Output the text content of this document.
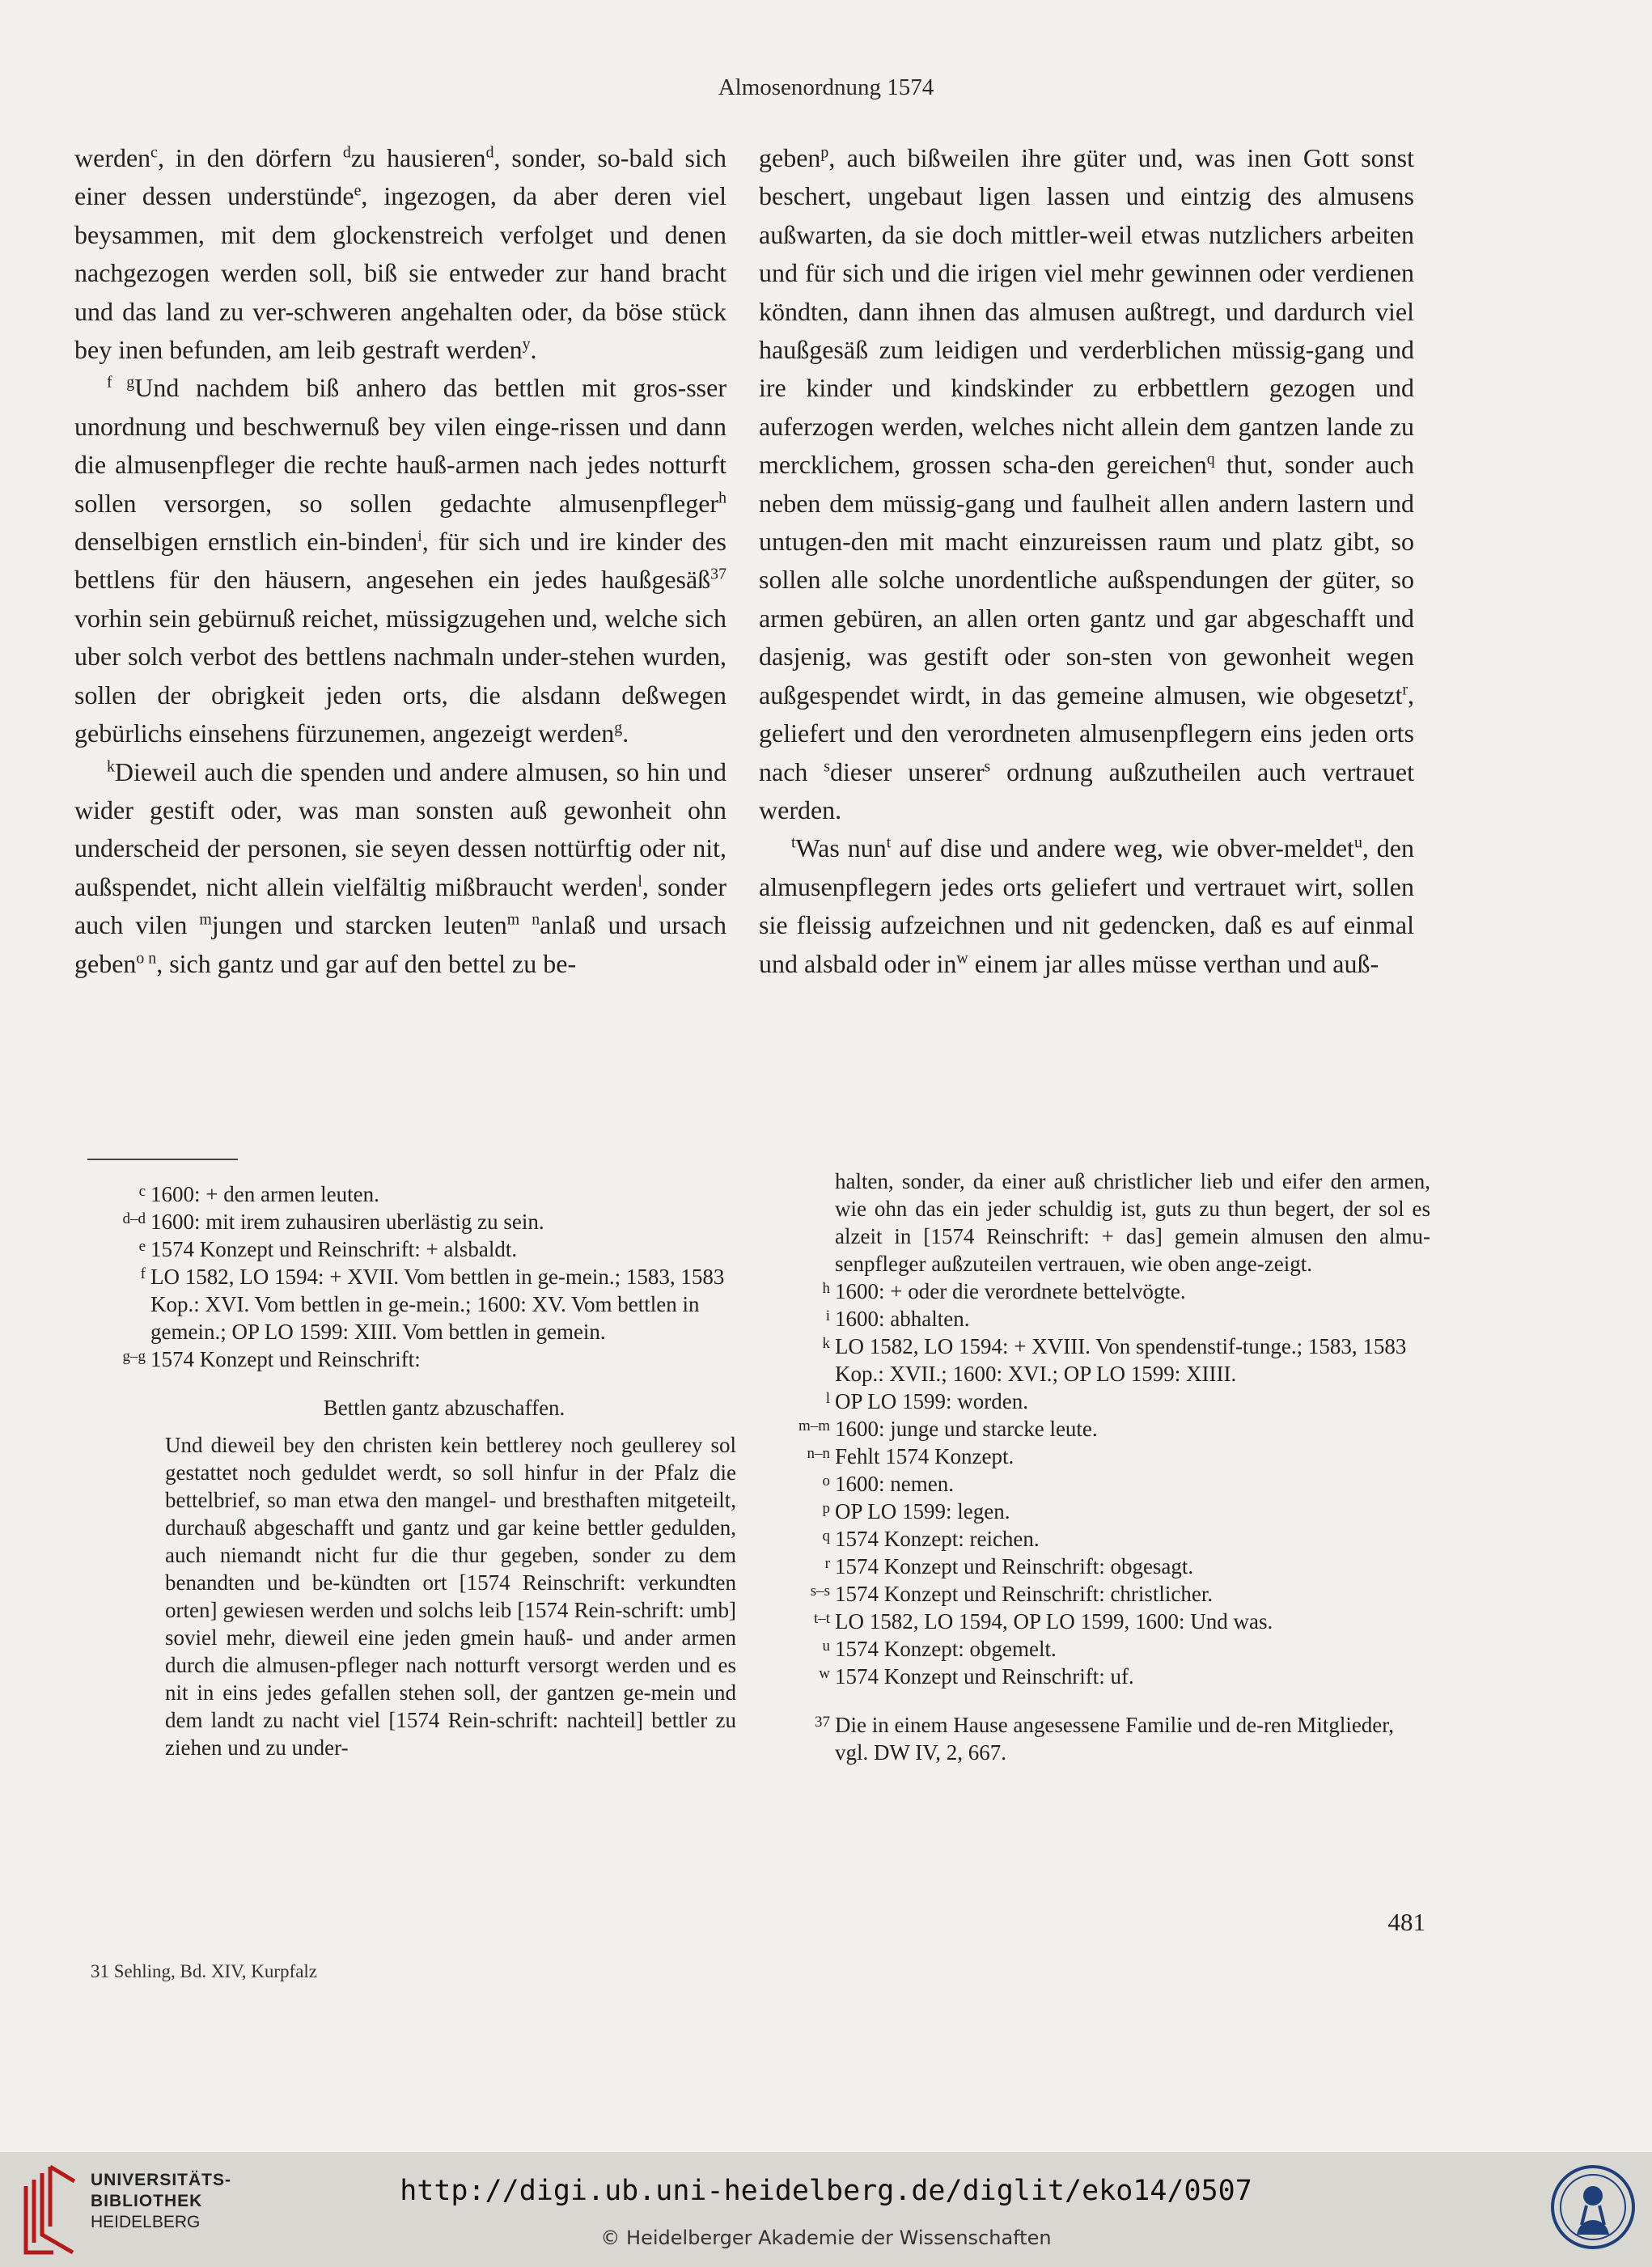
Almosenordnung 1574

werden$^c$, in den dörfern $^d$zu hausieren$^d$, sonder, so-bald sich einer dessen understünde$^e$, ingezogen, da aber deren viel beysammen, mit dem glockenstreich verfolget und denen nachgezogen werden soll, biß sie entweder zur hand bracht und das land zu ver-schweren angehalten oder, da böse stück bey inen befunden, am leib gestraft werden$^y$.

$^{f g}$Und nachdem biß anhero das bettlen mit gros-sser unordnung und beschwernuß bey vilen einge-rissen und dann die almusenpfleger die rechte hauß-armen nach jedes notturft sollen versorgen, so sollen gedachte almusenpfleger$^h$ denselbigen ernstlich ein-binden$^i$, für sich und ire kinder des bettlens für den häusern, angesehen ein jedes haußgesäß$^{37}$ vorhin sein gebürnuß reichet, müssigzugehen und, welche sich uber solch verbot des bettlens nachmaln under-stehen wurden, sollen der obrigkeit jeden orts, die alsdann deßwegen gebürlichs einsehens fürzunemen, angezeigt werden$^g$.

$^k$Dieweil auch die spenden und andere almusen, so hin und wider gestift oder, was man sonsten auß gewonheit ohn underscheid der personen, sie seyen dessen nottürftig oder nit, außspendet, nicht allein vielfältig mißbraucht werden$^l$, sonder auch vilen $^m$jungen und starcken leuten$^m$ $^n$anlaß und ursach geben$^{o n}$, sich gantz und gar auf den bettel zu be-

geben$^p$, auch bißweilen ihre güter und, was inen Gott sonst beschert, ungebaut ligen lassen und eintzig des almusens außwarten, da sie doch mittler-weil etwas nutzlichers arbeiten und für sich und die irigen viel mehr gewinnen oder verdienen köndten, dann ihnen das almusen außtregt, und dardurch viel haußgesäß zum leidigen und verderblichen müssig-gang und ire kinder und kindskinder zu erbbettlern gezogen und auferzogen werden, welches nicht allein dem gantzen lande zu mercklichem, grossen scha-den gereichen$^q$ thut, sonder auch neben dem müssig-gang und faulheit allen andern lastern und untugen-den mit macht einzureissen raum und platz gibt, so sollen alle solche unordentliche außspendungen der güter, so armen gebüren, an allen orten gantz und gar abgeschafft und dasjenig, was gestift oder son-sten von gewonheit wegen außgespendet wirdt, in das gemeine almusen, wie obgesetzt$^r$, geliefert und den verordneten almusenpflegern eins jeden orts nach $^s$dieser unserer$^s$ ordnung außzutheilen auch vertrauet werden.

$^t$Was nun$^t$ auf dise und andere weg, wie obver-meldet$^u$, den almusenpflegern jedes orts geliefert und vertrauet wirt, sollen sie fleissig aufzeichnen und nit gedencken, daß es auf einmal und alsbald oder $in^w$ einem jar alles müsse verthan und auß-

c 1600: + den armen leuten.
d–d 1600: mit irem zuhausiren uberlästig zu sein.
e 1574 Konzept und Reinschrift: + alsbaldt.
f LO 1582, LO 1594: + XVII. Vom bettlen in ge-mein.; 1583, 1583 Kop.: XVI. Vom bettlen in ge-mein.; 1600: XV. Vom bettlen in gemein.; OP LO 1599: XIII. Vom bettlen in gemein.
g–g 1574 Konzept und Reinschrift:
Bettlen gantz abzuschaffen.
Und dieweil bey den christen kein bettlerey noch geullerey sol gestattet noch geduldet werdt, so soll hinfur in der Pfalz die bettelbrief, so man etwa den mangel- und bresthaften mitgeteilt, durchauß abgeschafft und gantz und gar keine bettler gedulden, auch niemandt nicht fur die thur gegeben, sonder zu dem benandten und be-kündten ort [1574 Reinschrift: verkundten orten] gewiesen werden und solchs leib [1574 Rein-schrift: umb] soviel mehr, dieweil eine jeden gmein hauß- und ander armen durch die almusen-pfleger nach notturft versorgt werden und es nit in eins jedes gefallen stehen soll, der gantzen ge-mein und dem landt zu nacht viel [1574 Rein-schrift: nachteil] bettler zu ziehen und zu under-
halten, sonder, da einer auß christlicher lieb und eifer den armen, wie ohn das ein jeder schuldig ist, guts zu thun begert, der sol es alzeit in [1574 Reinschrift: + das] gemein almusen den almu-senpfleger außzuteilen vertrauen, wie oben ange-zeigt.
h 1600: + oder die verordnete bettelvögte.
i 1600: abhalten.
k LO 1582, LO 1594: + XVIII. Von spendenstif-tunge.; 1583, 1583 Kop.: XVII.; 1600: XVI.; OP LO 1599: XIIII.
l OP LO 1599: worden.
m–m 1600: junge und starcke leute.
n–n Fehlt 1574 Konzept.
o 1600: nemen.
p OP LO 1599: legen.
q 1574 Konzept: reichen.
r 1574 Konzept und Reinschrift: obgesagt.
s–s 1574 Konzept und Reinschrift: christlicher.
t–t LO 1582, LO 1594, OP LO 1599, 1600: Und was.
u 1574 Konzept: obgemelt.
w 1574 Konzept und Reinschrift: uf.
37 Die in einem Hause angesessene Familie und de-ren Mitglieder, vgl. DW IV, 2, 667.
481
31 Sehling, Bd. XIV, Kurpfalz
UNIVERSITÄTS-
BIBLIOTHEK
HEIDELBERG
http://digi.ub.uni-heidelberg.de/diglit/eko14/0507
© Heidelberger Akademie der Wissenschaften
